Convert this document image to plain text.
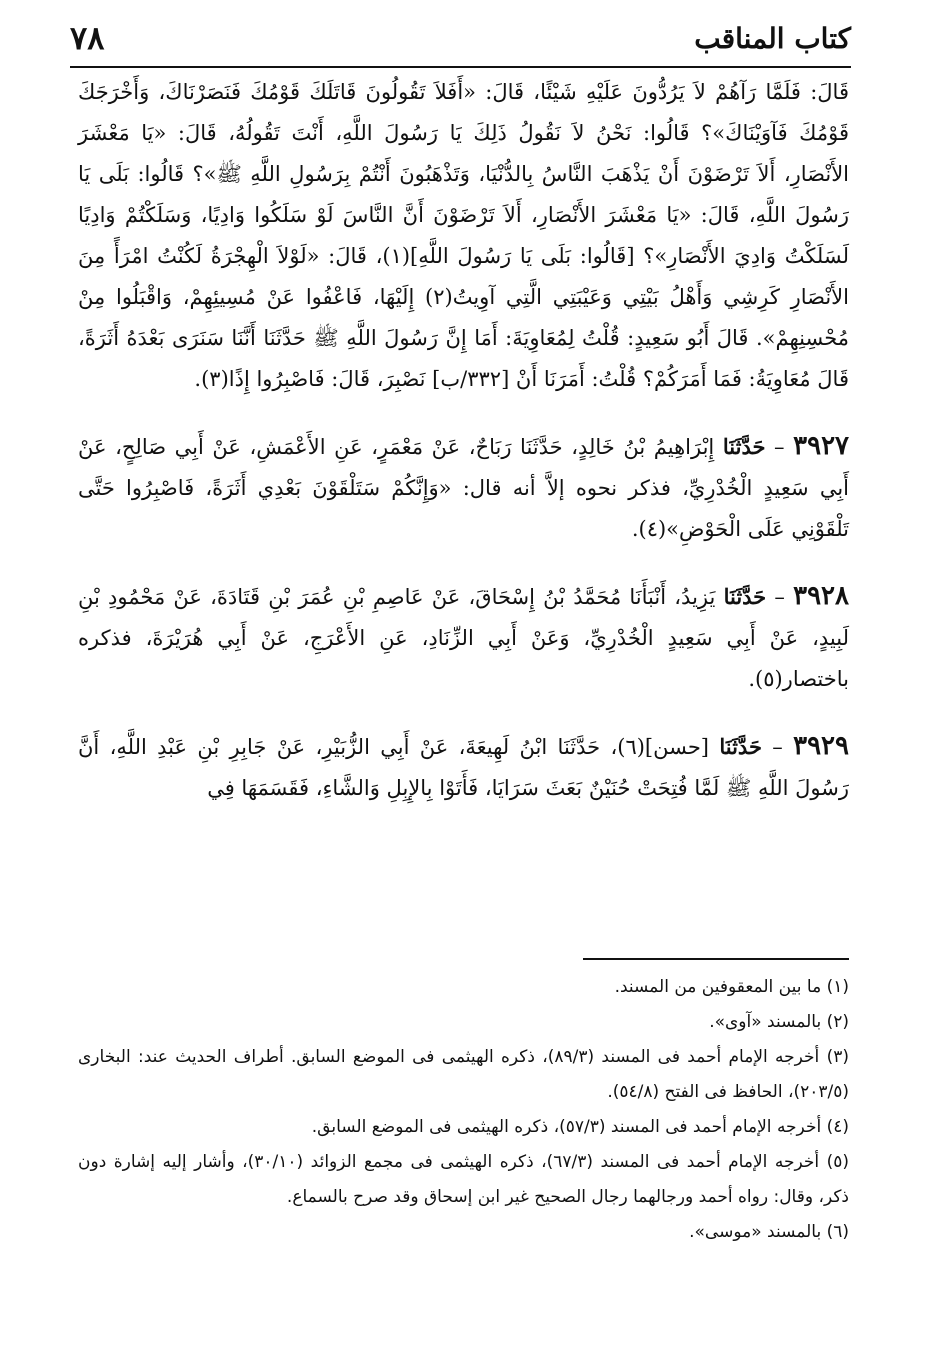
كتاب المناقب
٧٨

قَالَ: فَلَمَّا رَآهُمْ لاَ يَرُدُّونَ عَلَيْهِ شَيْئًا، قَالَ: «أَفَلاَ تَقُولُونَ قَاتَلَكَ قَوْمُكَ فَنَصَرْنَاكَ، وَأَخْرَجَكَ قَوْمُكَ فَآوَيْنَاكَ»؟ قَالُوا: نَحْنُ لاَ نَقُولُ ذَلِكَ يَا رَسُولَ اللَّهِ، أَنْتَ تَقُولُهُ، قَالَ: «يَا مَعْشَرَ الأَنْصَارِ، أَلاَ تَرْضَوْنَ أَنْ يَذْهَبَ النَّاسُ بِالدُّنْيَا، وَتَذْهَبُونَ أَنْتُمْ بِرَسُولِ اللَّهِ ﷺ»؟ قَالُوا: بَلَى يَا رَسُولَ اللَّهِ، قَالَ: «يَا مَعْشَرَ الأَنْصَارِ، أَلاَ تَرْضَوْنَ أَنَّ النَّاسَ لَوْ سَلَكُوا وَادِيًا، وَسَلَكْتُمْ وَادِيًا لَسَلَكْتُ وَادِيَ الأَنْصَارِ»؟ [قَالُوا: بَلَى يَا رَسُولَ اللَّهِ](١)، قَالَ: «لَوْلاَ الْهِجْرَةُ لَكُنْتُ امْرَأً مِنَ الأَنْصَارِ كَرِشِي وَأَهْلُ بَيْتِي وَعَيْبَتِي الَّتِي آوِيتُ(٢) إِلَيْهَا، فَاعْفُوا عَنْ مُسِيئِهِمْ، وَاقْبَلُوا مِنْ مُحْسِنِهِمْ». قَالَ أَبُو سَعِيدٍ: قُلْتُ لِمُعَاوِيَةَ: أَمَا إِنَّ رَسُولَ اللَّهِ ﷺ حَدَّثَنَا أَنَّنَا سَنَرَى بَعْدَهُ أَثَرَةً، قَالَ مُعَاوِيَةُ: فَمَا أَمَرَكُمْ؟ قُلْتُ: أَمَرَنَا أَنْ [٣٣٢/ب] نَصْبِرَ، قَالَ: فَاصْبِرُوا إِذًا(٣).

٣٩٢٧ – حَدَّثَنَا إِبْرَاهِيمُ بْنُ خَالِدٍ، حَدَّثَنَا رَبَاحٌ، عَنْ مَعْمَرٍ، عَنِ الأَعْمَشِ، عَنْ أَبِي صَالِحٍ، عَنْ أَبِي سَعِيدٍ الْخُدْرِيِّ، فذكر نحوه إلاَّ أنه قال: «وَإِنَّكُمْ سَتَلْقَوْنَ بَعْدِي أَثَرَةً، فَاصْبِرُوا حَتَّى تَلْقَوْنِي عَلَى الْحَوْضِ»(٤).

٣٩٢٨ – حَدَّثَنَا يَزِيدُ، أَنْبَأَنَا مُحَمَّدُ بْنُ إِسْحَاقَ، عَنْ عَاصِمِ بْنِ عُمَرَ بْنِ قَتَادَةَ، عَنْ مَحْمُودِ بْنِ لَبِيدٍ، عَنْ أَبِي سَعِيدٍ الْخُدْرِيِّ، وَعَنْ أَبِي الزِّنَادِ، عَنِ الأَعْرَجِ، عَنْ أَبِي هُرَيْرَةَ، فذكره باختصار(٥).

٣٩٢٩ – حَدَّثَنَا [حسن](٦)، حَدَّثَنَا ابْنُ لَهِيعَةَ، عَنْ أَبِي الزُّبَيْرِ، عَنْ جَابِرِ بْنِ عَبْدِ اللَّهِ، أَنَّ رَسُولَ اللَّهِ ﷺ لَمَّا فُتِحَتْ حُنَيْنٌ بَعَثَ سَرَايَا، فَأَتَوْا بِالإِبِلِ وَالشَّاءِ، فَقَسَمَهَا فِي

(١) ما بين المعقوفين من المسند.

(٢) بالمسند «آوى».

(٣) أخرجه الإمام أحمد فى المسند (٨٩/٣)، ذكره الهيثمى فى الموضع السابق. أطراف الحديث عند: البخارى (٢٠٣/٥)، الحافظ فى الفتح (٥٤/٨).

(٤) أخرجه الإمام أحمد فى المسند (٥٧/٣)، ذكره الهيثمى فى الموضع السابق.

(٥) أخرجه الإمام أحمد فى المسند (٦٧/٣)، ذكره الهيثمى فى مجمع الزوائد (٣٠/١٠)، وأشار إليه إشارة دون ذكر، وقال: رواه أحمد ورجالهما رجال الصحيح غير ابن إسحاق وقد صرح بالسماع.

(٦) بالمسند «موسى».
